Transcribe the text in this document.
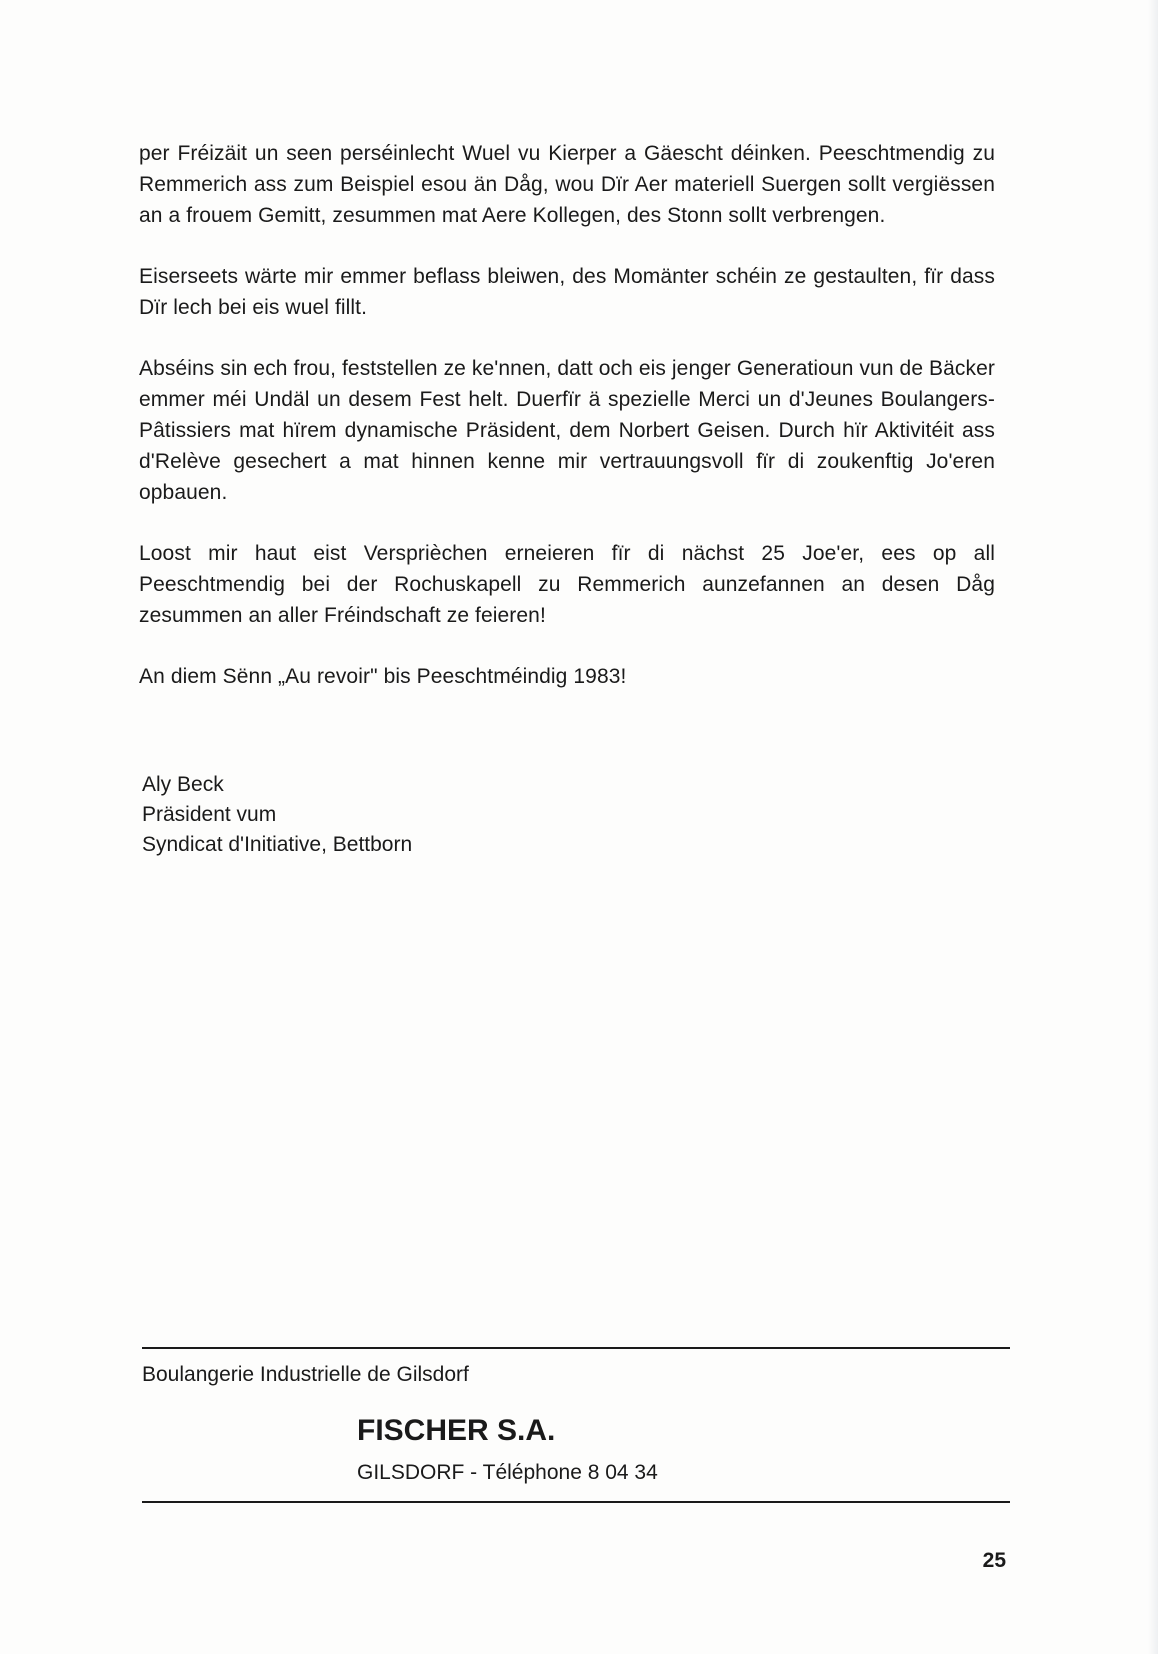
per Fréizäit un seen perséinlecht Wuel vu Kierper a Gäescht déinken. Peeschtmendig zu Remmerich ass zum Beispiel esou än Dåg, wou Dïr Aer materiell Suergen sollt vergiëssen an a frouem Gemitt, zesummen mat Aere Kollegen, des Stonn sollt verbrengen.

Eiserseets wärte mir emmer beflass bleiwen, des Momänter schéin ze gestaulten, fïr dass Dïr lech bei eis wuel fillt.

Abséins sin ech frou, feststellen ze ke'nnen, datt och eis jenger Generatioun vun de Bäcker emmer méi Undäl un desem Fest helt. Duerfïr ä spezielle Merci un d'Jeunes Boulangers-Pâtissiers mat hïrem dynamische Präsident, dem Norbert Geisen. Durch hïr Aktivitéit ass d'Relève gesechert a mat hinnen kenne mir vertrauungsvoll fïr di zoukenftig Jo'eren opbauen.

Loost mir haut eist Versprièchen erneieren fïr di nächst 25 Joe'er, ees op all Peeschtmendig bei der Rochuskapell zu Remmerich aunzefannen an desen Dåg zesummen an aller Fréindschaft ze feieren!

An diem Sënn „Au revoir" bis Peeschtméindig 1983!

Aly Beck
Präsident vum
Syndicat d'Initiative, Bettborn
Boulangerie Industrielle de Gilsdorf
FISCHER S.A.
GILSDORF - Téléphone 8 04 34
25
